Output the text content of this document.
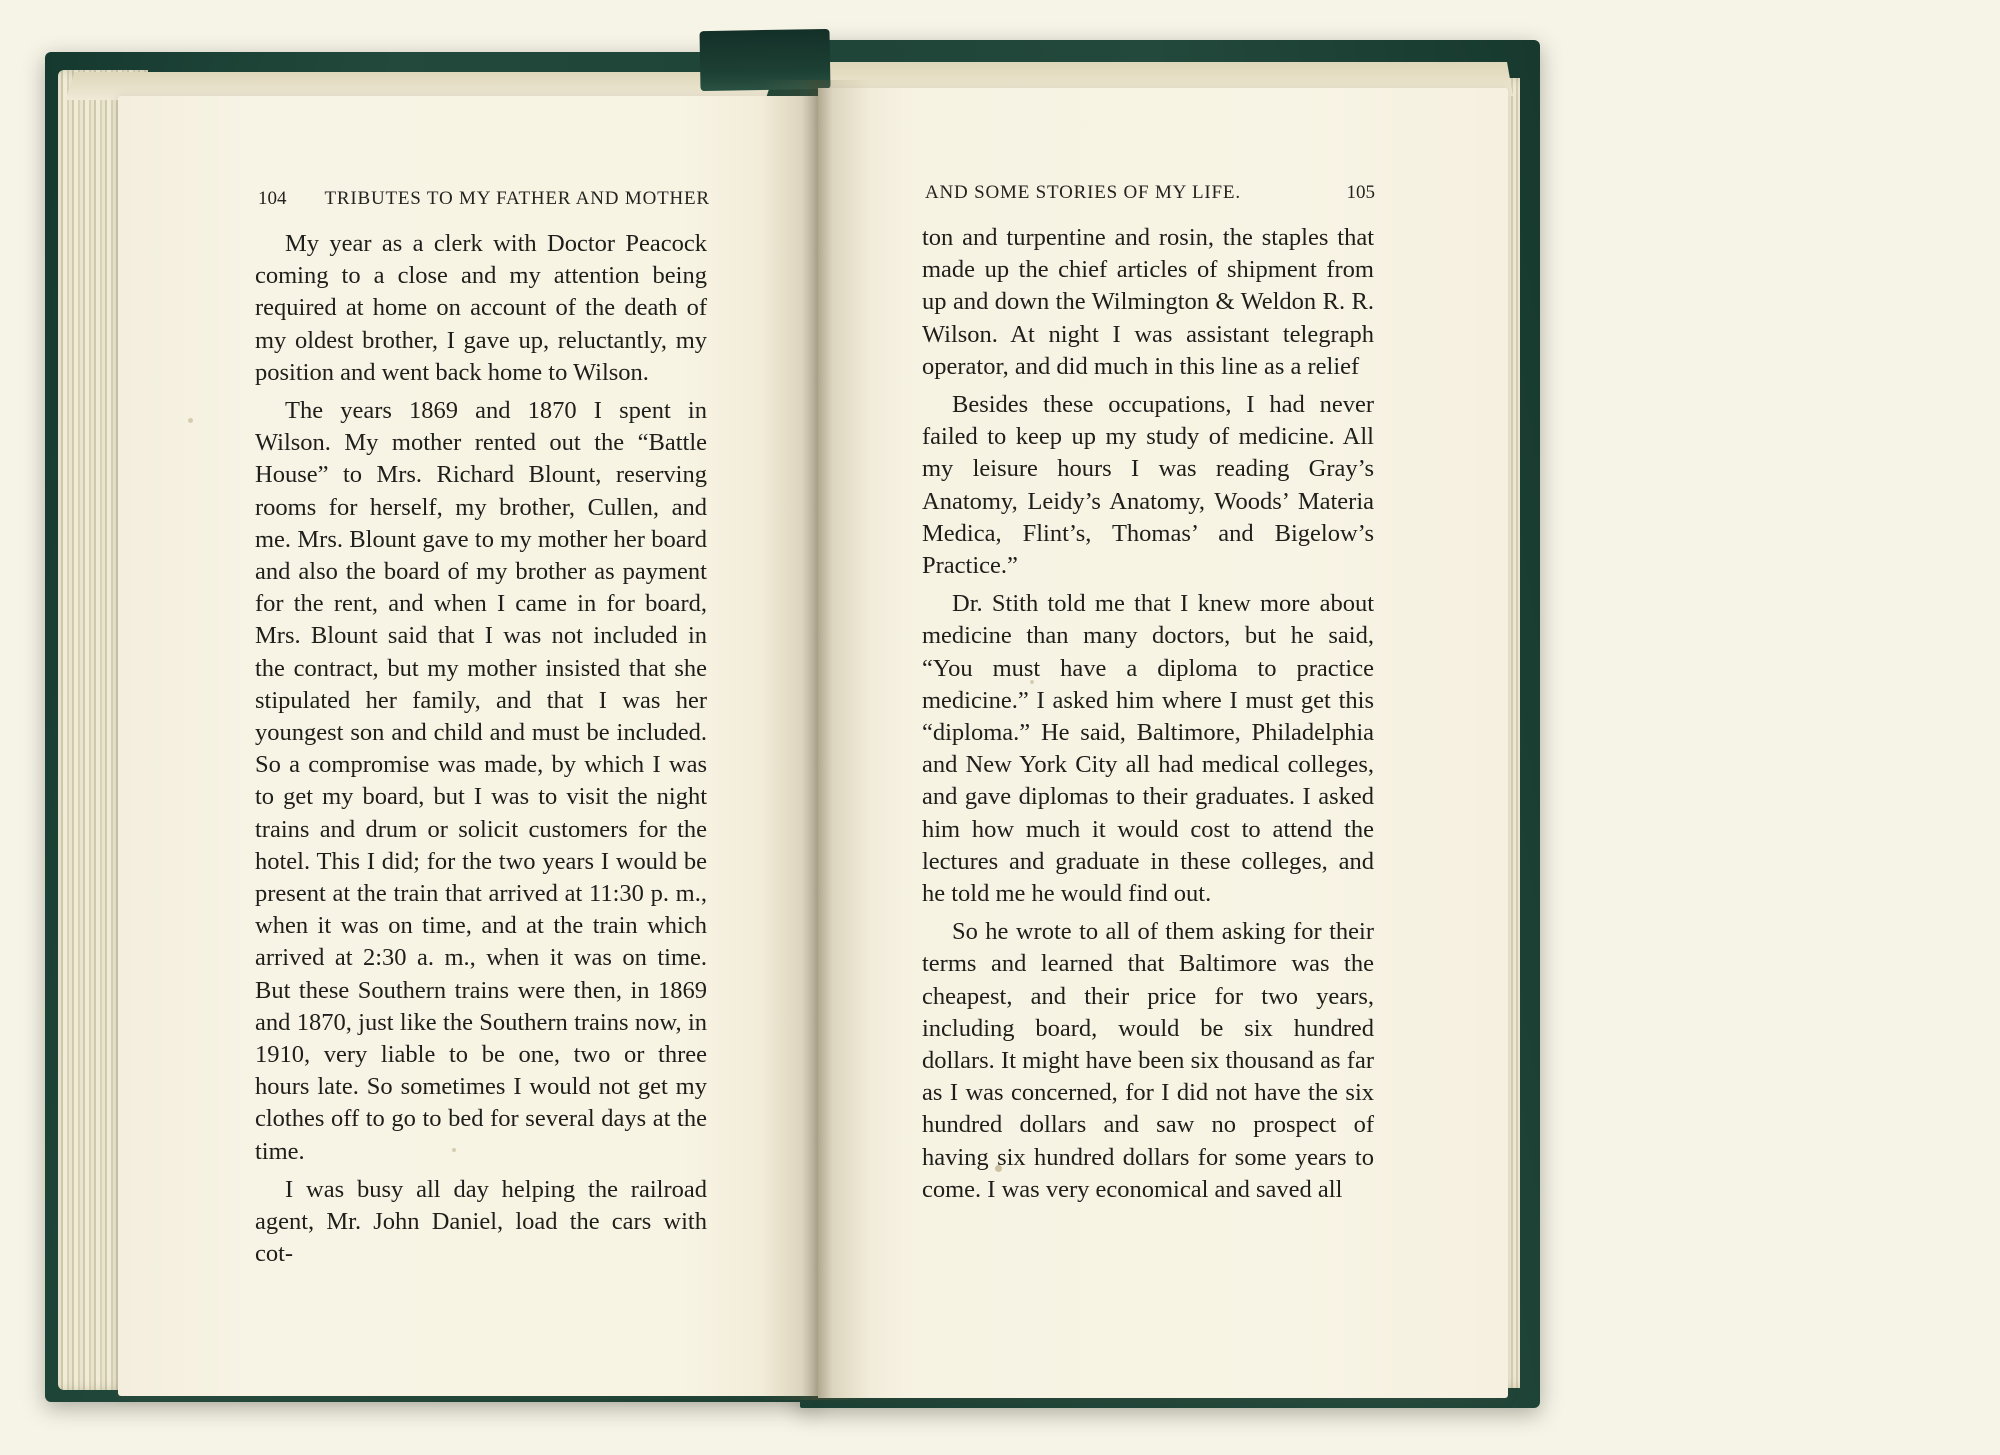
104 TRIBUTES TO MY FATHER AND MOTHER

My year as a clerk with Doctor Peacock coming to a close and my attention being required at home on account of the death of my oldest brother, I gave up, reluctantly, my position and went back home to Wilson.

The years 1869 and 1870 I spent in Wilson. My mother rented out the “Battle House” to Mrs. Richard Blount, reserving rooms for herself, my brother, Cullen, and me. Mrs. Blount gave to my mother her board and also the board of my brother as payment for the rent, and when I came in for board, Mrs. Blount said that I was not included in the contract, but my mother insisted that she stipulated her family, and that I was her youngest son and child and must be included. So a compromise was made, by which I was to get my board, but I was to visit the night trains and drum or solicit customers for the hotel. This I did; for the two years I would be present at the train that arrived at 11:30 p. m., when it was on time, and at the train which arrived at 2:30 a. m., when it was on time. But these Southern trains were then, in 1869 and 1870, just like the Southern trains now, in 1910, very liable to be one, two or three hours late. So sometimes I would not get my clothes off to go to bed for several days at the time.

I was busy all day helping the railroad agent, Mr. John Daniel, load the cars with cot-

AND SOME STORIES OF MY LIFE.	105

ton and turpentine and rosin, the staples that made up the chief articles of shipment from up and down the Wilmington & Weldon R. R. Wilson. At night I was assistant telegraph operator, and did much in this line as a relief

Besides these occupations, I had never failed to keep up my study of medicine. All my leisure hours I was reading Gray’s Anatomy, Leidy’s Anatomy, Woods’ Materia Medica, Flint’s, Thomas’ and Bigelow’s Practice.”

Dr. Stith told me that I knew more about medicine than many doctors, but he said, “You must have a diploma to practice medicine.” I asked him where I must get this “diploma.” He said, Baltimore, Philadelphia and New York City all had medical colleges, and gave diplomas to their graduates. I asked him how much it would cost to attend the lectures and graduate in these colleges, and he told me he would find out.

So he wrote to all of them asking for their terms and learned that Baltimore was the cheapest, and their price for two years, including board, would be six hundred dollars. It might have been six thousand as far as I was concerned, for I did not have the six hundred dollars and saw no prospect of having six hundred dollars for some years to come. I was very economical and saved all
